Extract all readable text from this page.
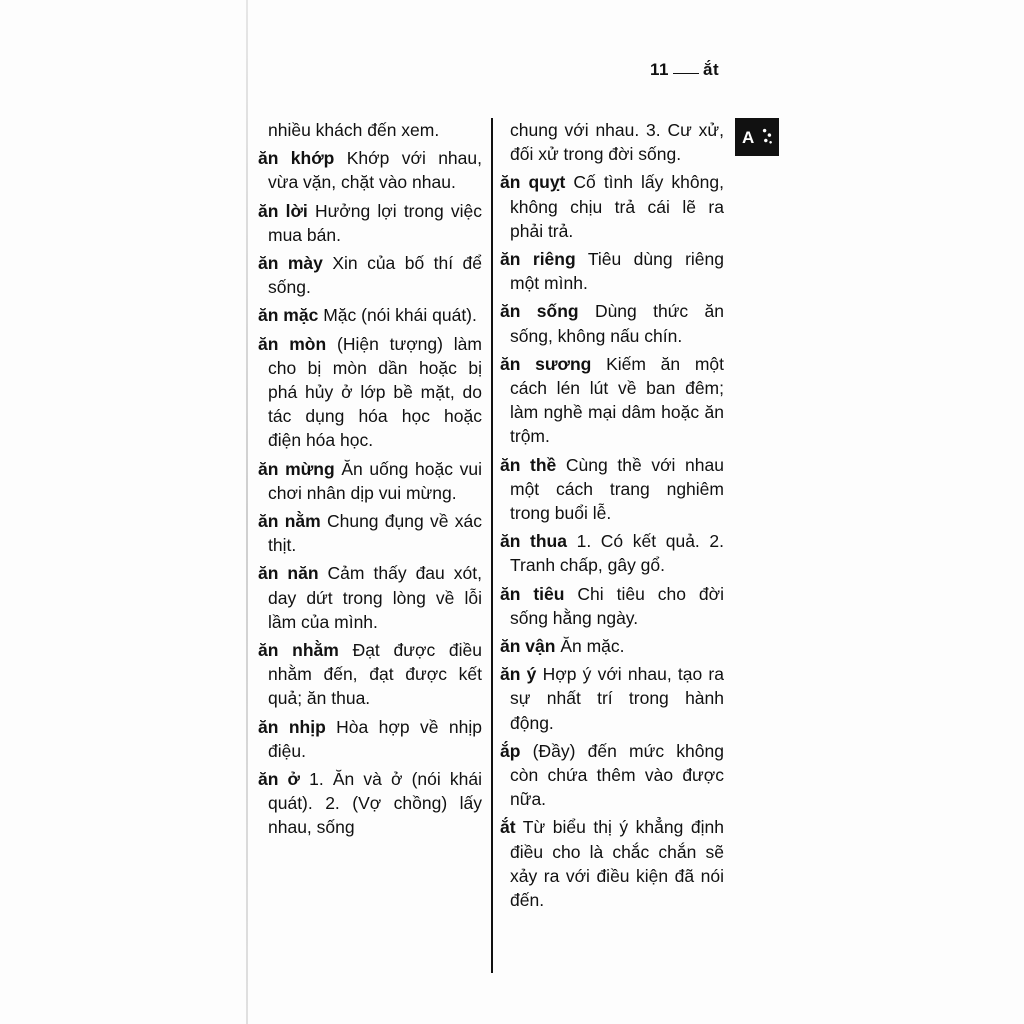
11 ắt
A

nhiều khách đến xem.

ăn khớp Khớp với nhau, vừa vặn, chặt vào nhau.

ăn lời Hưởng lợi trong việc mua bán.

ăn mày Xin của bố thí để sống.

ăn mặc Mặc (nói khái quát).

ăn mòn (Hiện tượng) làm cho bị mòn dần hoặc bị phá hủy ở lớp bề mặt, do tác dụng hóa học hoặc điện hóa học.

ăn mừng Ăn uống hoặc vui chơi nhân dịp vui mừng.

ăn nằm Chung đụng về xác thịt.

ăn năn Cảm thấy đau xót, day dứt trong lòng về lỗi lầm của mình.

ăn nhằm Đạt được điều nhằm đến, đạt được kết quả; ăn thua.

ăn nhịp Hòa hợp về nhịp điệu.

ăn ở 1. Ăn và ở (nói khái quát). 2. (Vợ chồng) lấy nhau, sống

chung với nhau. 3. Cư xử, đối xử trong đời sống.

ăn quỵt Cố tình lấy không, không chịu trả cái lẽ ra phải trả.

ăn riêng Tiêu dùng riêng một mình.

ăn sống Dùng thức ăn sống, không nấu chín.

ăn sương Kiếm ăn một cách lén lút về ban đêm; làm nghề mại dâm hoặc ăn trộm.

ăn thề Cùng thề với nhau một cách trang nghiêm trong buổi lễ.

ăn thua 1. Có kết quả. 2. Tranh chấp, gây gổ.

ăn tiêu Chi tiêu cho đời sống hằng ngày.

ăn vận Ăn mặc.

ăn ý Hợp ý với nhau, tạo ra sự nhất trí trong hành động.

ắp (Đầy) đến mức không còn chứa thêm vào được nữa.

ắt Từ biểu thị ý khẳng định điều cho là chắc chắn sẽ xảy ra với điều kiện đã nói đến.
